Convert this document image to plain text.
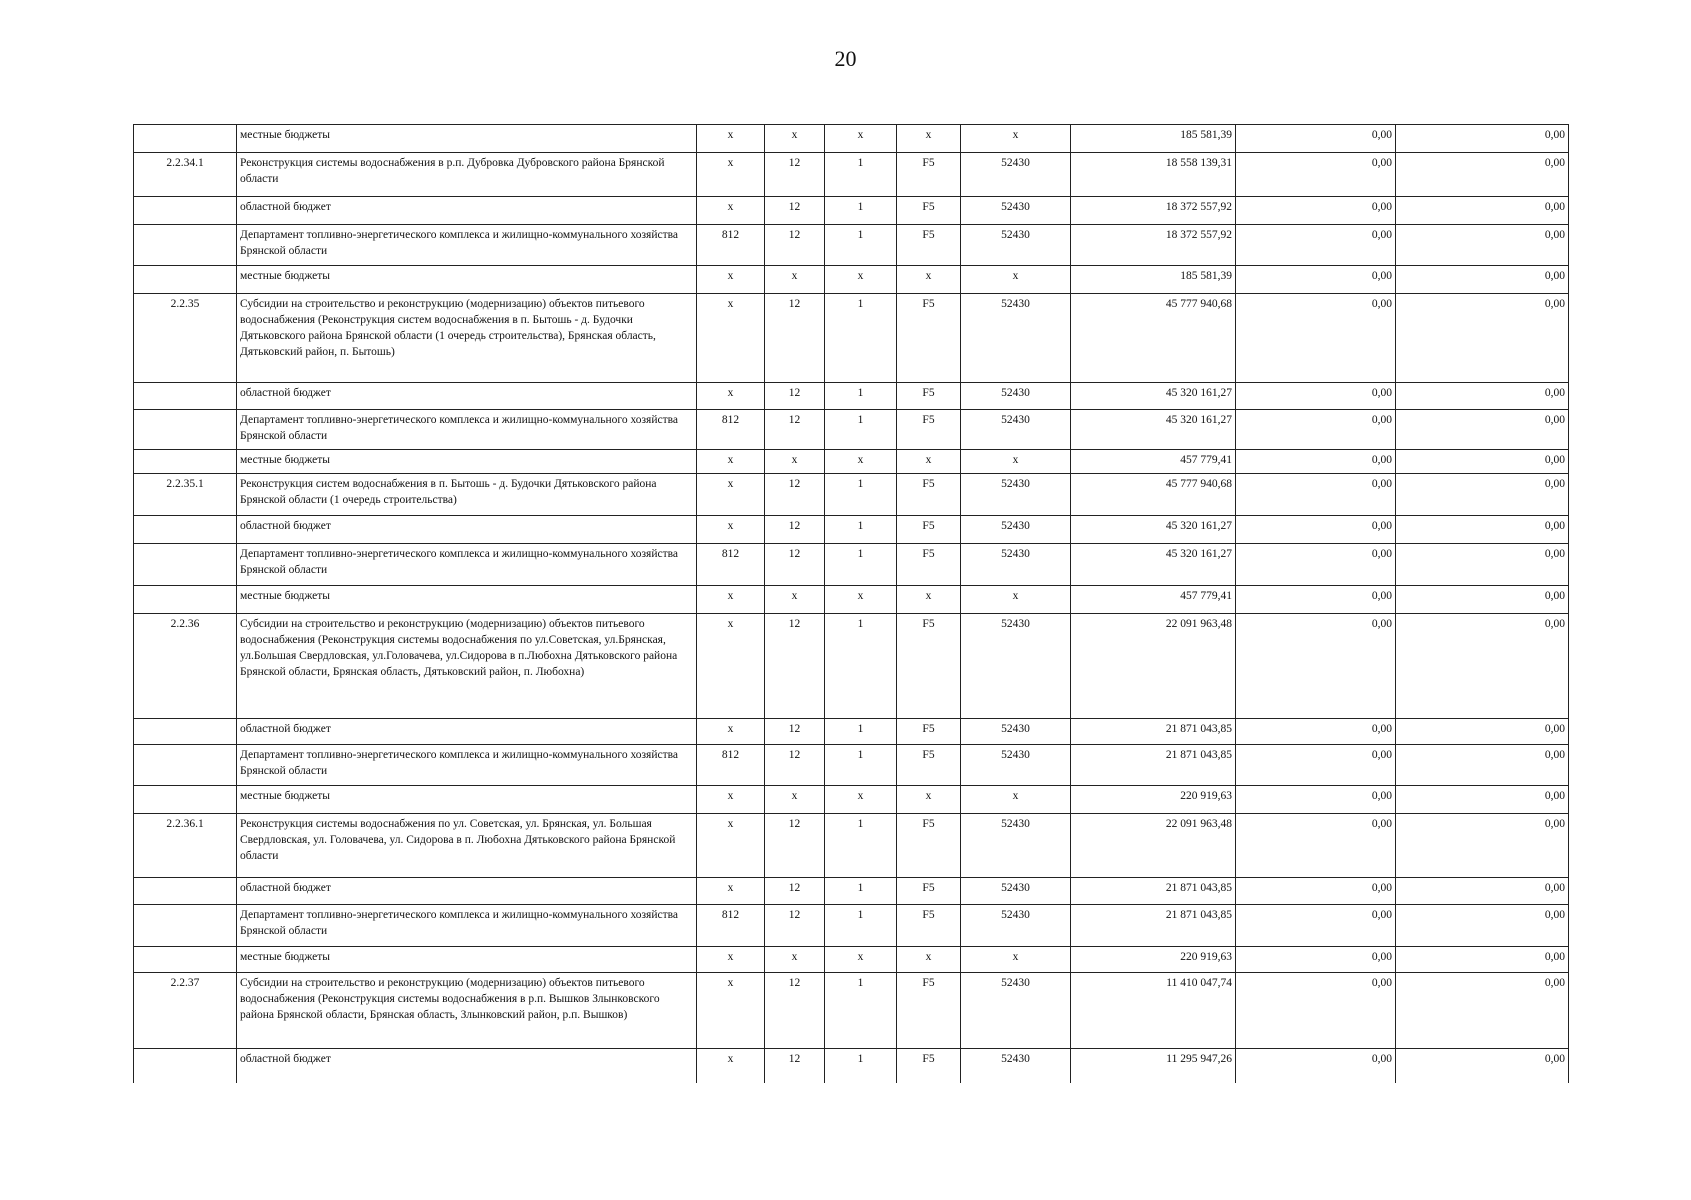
20
	местные бюджеты	x	x	x	x	x	185 581,39	0,00	0,00
2.2.34.1	Реконструкция системы водоснабжения в р.п. Дубровка Дубровского района Брянской области	x	12	1	F5	52430	18 558 139,31	0,00	0,00
	областной бюджет	x	12	1	F5	52430	18 372 557,92	0,00	0,00
	Департамент топливно-энергетического комплекса и жилищно-коммунального хозяйства Брянской области	812	12	1	F5	52430	18 372 557,92	0,00	0,00
	местные бюджеты	x	x	x	x	x	185 581,39	0,00	0,00
2.2.35	Субсидии на строительство и реконструкцию (модернизацию) объектов питьевого водоснабжения (Реконструкция систем водоснабжения в п. Бытошь - д. Будочки Дятьковского района Брянской области (1 очередь строительства), Брянская область, Дятьковский район, п. Бытошь)	x	12	1	F5	52430	45 777 940,68	0,00	0,00
	областной бюджет	x	12	1	F5	52430	45 320 161,27	0,00	0,00
	Департамент топливно-энергетического комплекса и жилищно-коммунального хозяйства Брянской области	812	12	1	F5	52430	45 320 161,27	0,00	0,00
	местные бюджеты	x	x	x	x	x	457 779,41	0,00	0,00
2.2.35.1	Реконструкция систем водоснабжения в п. Бытошь - д. Будочки Дятьковского района Брянской области (1 очередь строительства)	x	12	1	F5	52430	45 777 940,68	0,00	0,00
	областной бюджет	x	12	1	F5	52430	45 320 161,27	0,00	0,00
	Департамент топливно-энергетического комплекса и жилищно-коммунального хозяйства Брянской области	812	12	1	F5	52430	45 320 161,27	0,00	0,00
	местные бюджеты	x	x	x	x	x	457 779,41	0,00	0,00
2.2.36	Субсидии на строительство и реконструкцию (модернизацию) объектов питьевого водоснабжения (Реконструкция системы водоснабжения по ул.Советская, ул.Брянская, ул.Большая Свердловская, ул.Головачева, ул.Сидорова в п.Любохна Дятьковского района Брянской области, Брянская область, Дятьковский район, п. Любохна)	x	12	1	F5	52430	22 091 963,48	0,00	0,00
	областной бюджет	x	12	1	F5	52430	21 871 043,85	0,00	0,00
	Департамент топливно-энергетического комплекса и жилищно-коммунального хозяйства Брянской области	812	12	1	F5	52430	21 871 043,85	0,00	0,00
	местные бюджеты	x	x	x	x	x	220 919,63	0,00	0,00
2.2.36.1	Реконструкция системы водоснабжения по ул. Советская, ул. Брянская, ул. Большая Свердловская, ул. Головачева, ул. Сидорова в п. Любохна Дятьковского района Брянской области	x	12	1	F5	52430	22 091 963,48	0,00	0,00
	областной бюджет	x	12	1	F5	52430	21 871 043,85	0,00	0,00
	Департамент топливно-энергетического комплекса и жилищно-коммунального хозяйства Брянской области	812	12	1	F5	52430	21 871 043,85	0,00	0,00
	местные бюджеты	x	x	x	x	x	220 919,63	0,00	0,00
2.2.37	Субсидии на строительство и реконструкцию (модернизацию) объектов питьевого водоснабжения (Реконструкция системы водоснабжения в р.п. Вышков Злынковского района Брянской области, Брянская область, Злынковский район, р.п. Вышков)	x	12	1	F5	52430	11 410 047,74	0,00	0,00
	областной бюджет	x	12	1	F5	52430	11 295 947,26	0,00	0,00
